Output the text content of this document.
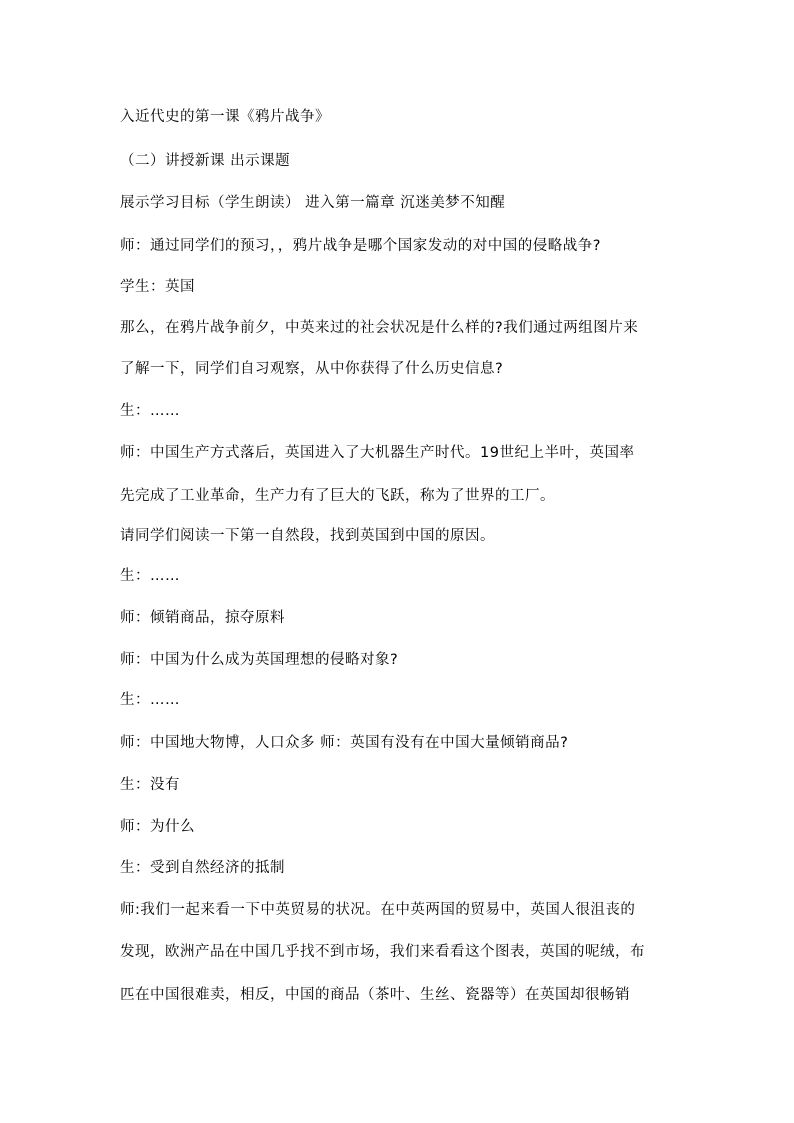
入近代史的第一课《鸦片战争》

（二）讲授新课 出示课题

展示学习目标（学生朗读） 进入第一篇章 沉迷美梦不知醒

师：通过同学们的预习，，鸦片战争是哪个国家发动的对中国的侵略战争?

学生：英国

那么，在鸦片战争前夕，中英来过的社会状况是什么样的?我们通过两组图片来

了解一下，同学们自习观察，从中你获得了什么历史信息?

生：……

师：中国生产方式落后，英国进入了大机器生产时代。19世纪上半叶，英国率

先完成了工业革命，生产力有了巨大的飞跃，称为了世界的工厂。

请同学们阅读一下第一自然段，找到英国到中国的原因。

生：……

师：倾销商品，掠夺原料

师：中国为什么成为英国理想的侵略对象?

生：……

师：中国地大物博，人口众多 师：英国有没有在中国大量倾销商品?

生：没有

师：为什么

生：受到自然经济的抵制

师:我们一起来看一下中英贸易的状况。在中英两国的贸易中，英国人很沮丧的

发现，欧洲产品在中国几乎找不到市场，我们来看看这个图表，英国的呢绒，布

匹在中国很难卖，相反，中国的商品（茶叶、生丝、瓷器等）在英国却很畅销
